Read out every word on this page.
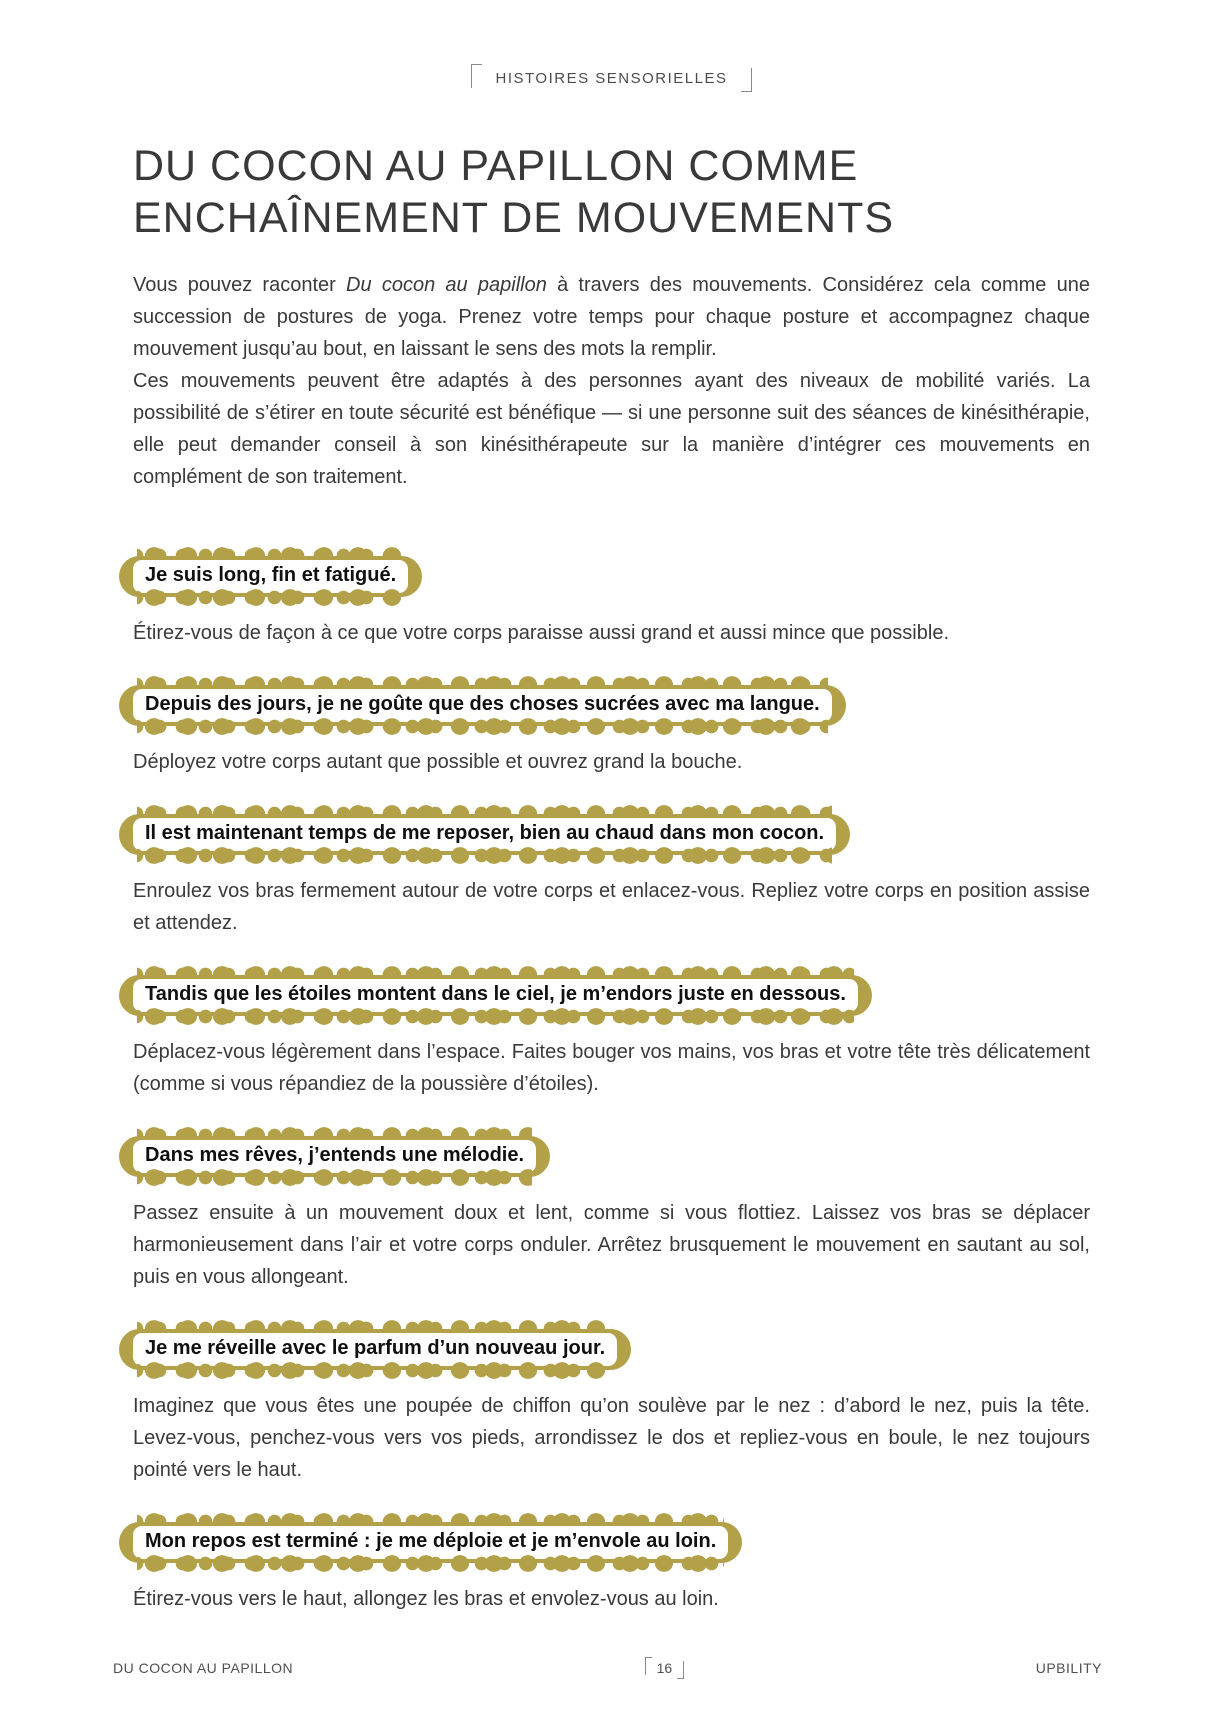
HISTOIRES SENSORIELLES
DU COCON AU PAPILLON COMME
ENCHAÎNEMENT DE MOUVEMENTS

Vous pouvez raconter Du cocon au papillon à travers des mouvements. Considérez cela comme une succession de postures de yoga. Prenez votre temps pour chaque posture et accompagnez chaque mouvement jusqu’au bout, en laissant le sens des mots la remplir.

Ces mouvements peuvent être adaptés à des personnes ayant des niveaux de mobilité variés. La possibilité de s’étirer en toute sécurité est bénéfique — si une personne suit des séances de kinésithérapie, elle peut demander conseil à son kinésithérapeute sur la manière d’intégrer ces mouvements en complément de son traitement.

Je suis long, fin et fatigué.

Étirez-vous de façon à ce que votre corps paraisse aussi grand et aussi mince que possible.

Depuis des jours, je ne goûte que des choses sucrées avec ma langue.

Déployez votre corps autant que possible et ouvrez grand la bouche.

Il est maintenant temps de me reposer, bien au chaud dans mon cocon.

Enroulez vos bras fermement autour de votre corps et enlacez-vous. Repliez votre corps en position assise et attendez.

Tandis que les étoiles montent dans le ciel, je m’endors juste en dessous.

Déplacez-vous légèrement dans l’espace. Faites bouger vos mains, vos bras et votre tête très délicatement (comme si vous répandiez de la poussière d’étoiles).

Dans mes rêves, j’entends une mélodie.

Passez ensuite à un mouvement doux et lent, comme si vous flottiez. Laissez vos bras se déplacer harmonieusement dans l’air et votre corps onduler. Arrêtez brusquement le mouvement en sautant au sol, puis en vous allongeant.

Je me réveille avec le parfum d’un nouveau jour.

Imaginez que vous êtes une poupée de chiffon qu’on soulève par le nez : d’abord le nez, puis la tête. Levez-vous, penchez-vous vers vos pieds, arrondissez le dos et repliez-vous en boule, le nez toujours pointé vers le haut.

Mon repos est terminé : je me déploie et je m’envole au loin.

Étirez-vous vers le haut, allongez les bras et envolez-vous au loin.

DU COCON AU PAPILLON	16	UPBILITY
